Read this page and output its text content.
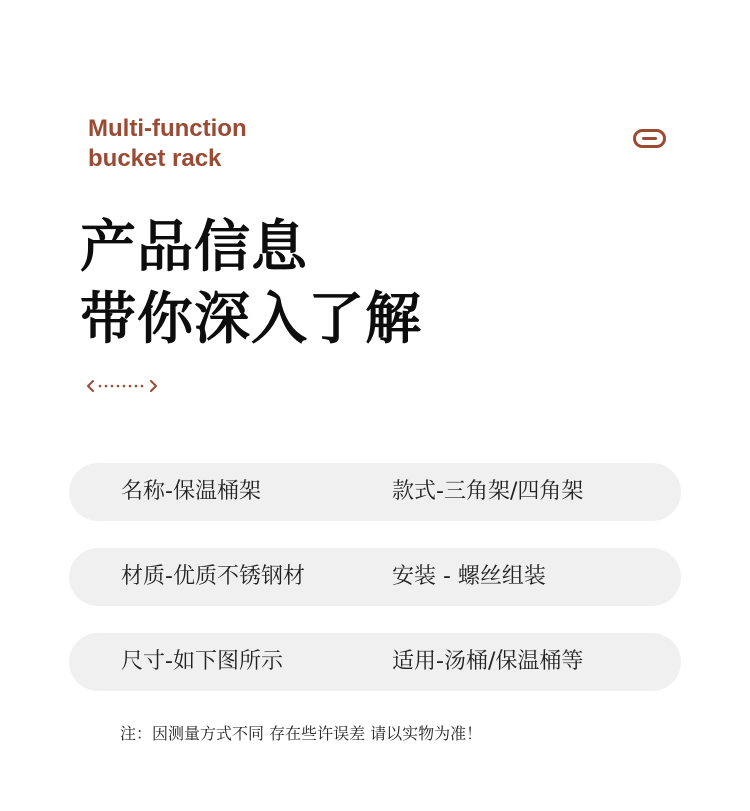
Multi-function
bucket rack
产品信息
带你深入了解
名称-保温桶架	款式-三角架/四角架
材质-优质不锈钢材	安装 - 螺丝组装
尺寸-如下图所示	适用-汤桶/保温桶等
注：因测量方式不同 存在些许误差 请以实物为准！
